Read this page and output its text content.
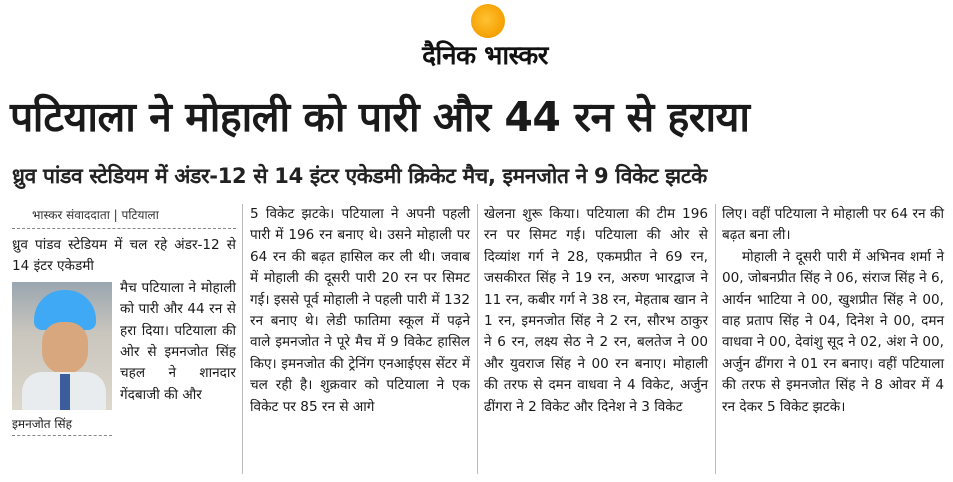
दैनिक भास्कर
पटियाला ने मोहाली को पारी और 44 रन से हराया
ध्रुव पांडव स्टेडियम में अंडर-12 से 14 इंटर एकेडमी क्रिकेट मैच, इमनजोत ने 9 विकेट झटके
भास्कर संवाददाता | पटियाला

ध्रुव पांडव स्टेडियम में चल रहे अंडर-12 से 14 इंटर एकेडमी

इमनजोत सिंह

मैच पटियाला ने मोहाली को पारी और 44 रन से हरा दिया। पटियाला की ओर से इमनजोत सिंह चहल ने शानदार गेंदबाजी की और

5 विकेट झटके। पटियाला ने अपनी पहली पारी में 196 रन बनाए थे। उसने मोहाली पर 64 रन की बढ़त हासिल कर ली थी। जवाब में मोहाली की दूसरी पारी 20 रन पर सिमट गई। इससे पूर्व मोहाली ने पहली पारी में 132 रन बनाए थे। लेडी फातिमा स्कूल में पढ़ने वाले इमनजोत ने पूरे मैच में 9 विकेट हासिल किए। इमनजोत की ट्रेनिंग एनआईएस सेंटर में चल रही है। शुक्रवार को पटियाला ने एक विकेट पर 85 रन से आगे

खेलना शुरू किया। पटियाला की टीम 196 रन पर सिमट गई। पटियाला की ओर से दिव्यांश गर्ग ने 28, एकमप्रीत ने 69 रन, जसकीरत सिंह ने 19 रन, अरुण भारद्वाज ने 11 रन, कबीर गर्ग ने 38 रन, मेहताब खान ने 1 रन, इमनजोत सिंह ने 2 रन, सौरभ ठाकुर ने 6 रन, लक्ष्य सेठ ने 2 रन, बलतेज ने 00 और युवराज सिंह ने 00 रन बनाए। मोहाली की तरफ से दमन वाधवा ने 4 विकेट, अर्जुन ढींगरा ने 2 विकेट और दिनेश ने 3 विकेट

लिए। वहीं पटियाला ने मोहाली पर 64 रन की बढ़त बना ली।

मोहाली ने दूसरी पारी में अभिनव शर्मा ने 00, जोबनप्रीत सिंह ने 06, संराज सिंह ने 6, आर्यन भाटिया ने 00, खुशप्रीत सिंह ने 00, वाह प्रताप सिंह ने 04, दिनेश ने 00, दमन वाधवा ने 00, देवांशु सूद ने 02, अंश ने 00, अर्जुन ढींगरा ने 01 रन बनाए। वहीं पटियाला की तरफ से इमनजोत सिंह ने 8 ओवर में 4 रन देकर 5 विकेट झटके।
